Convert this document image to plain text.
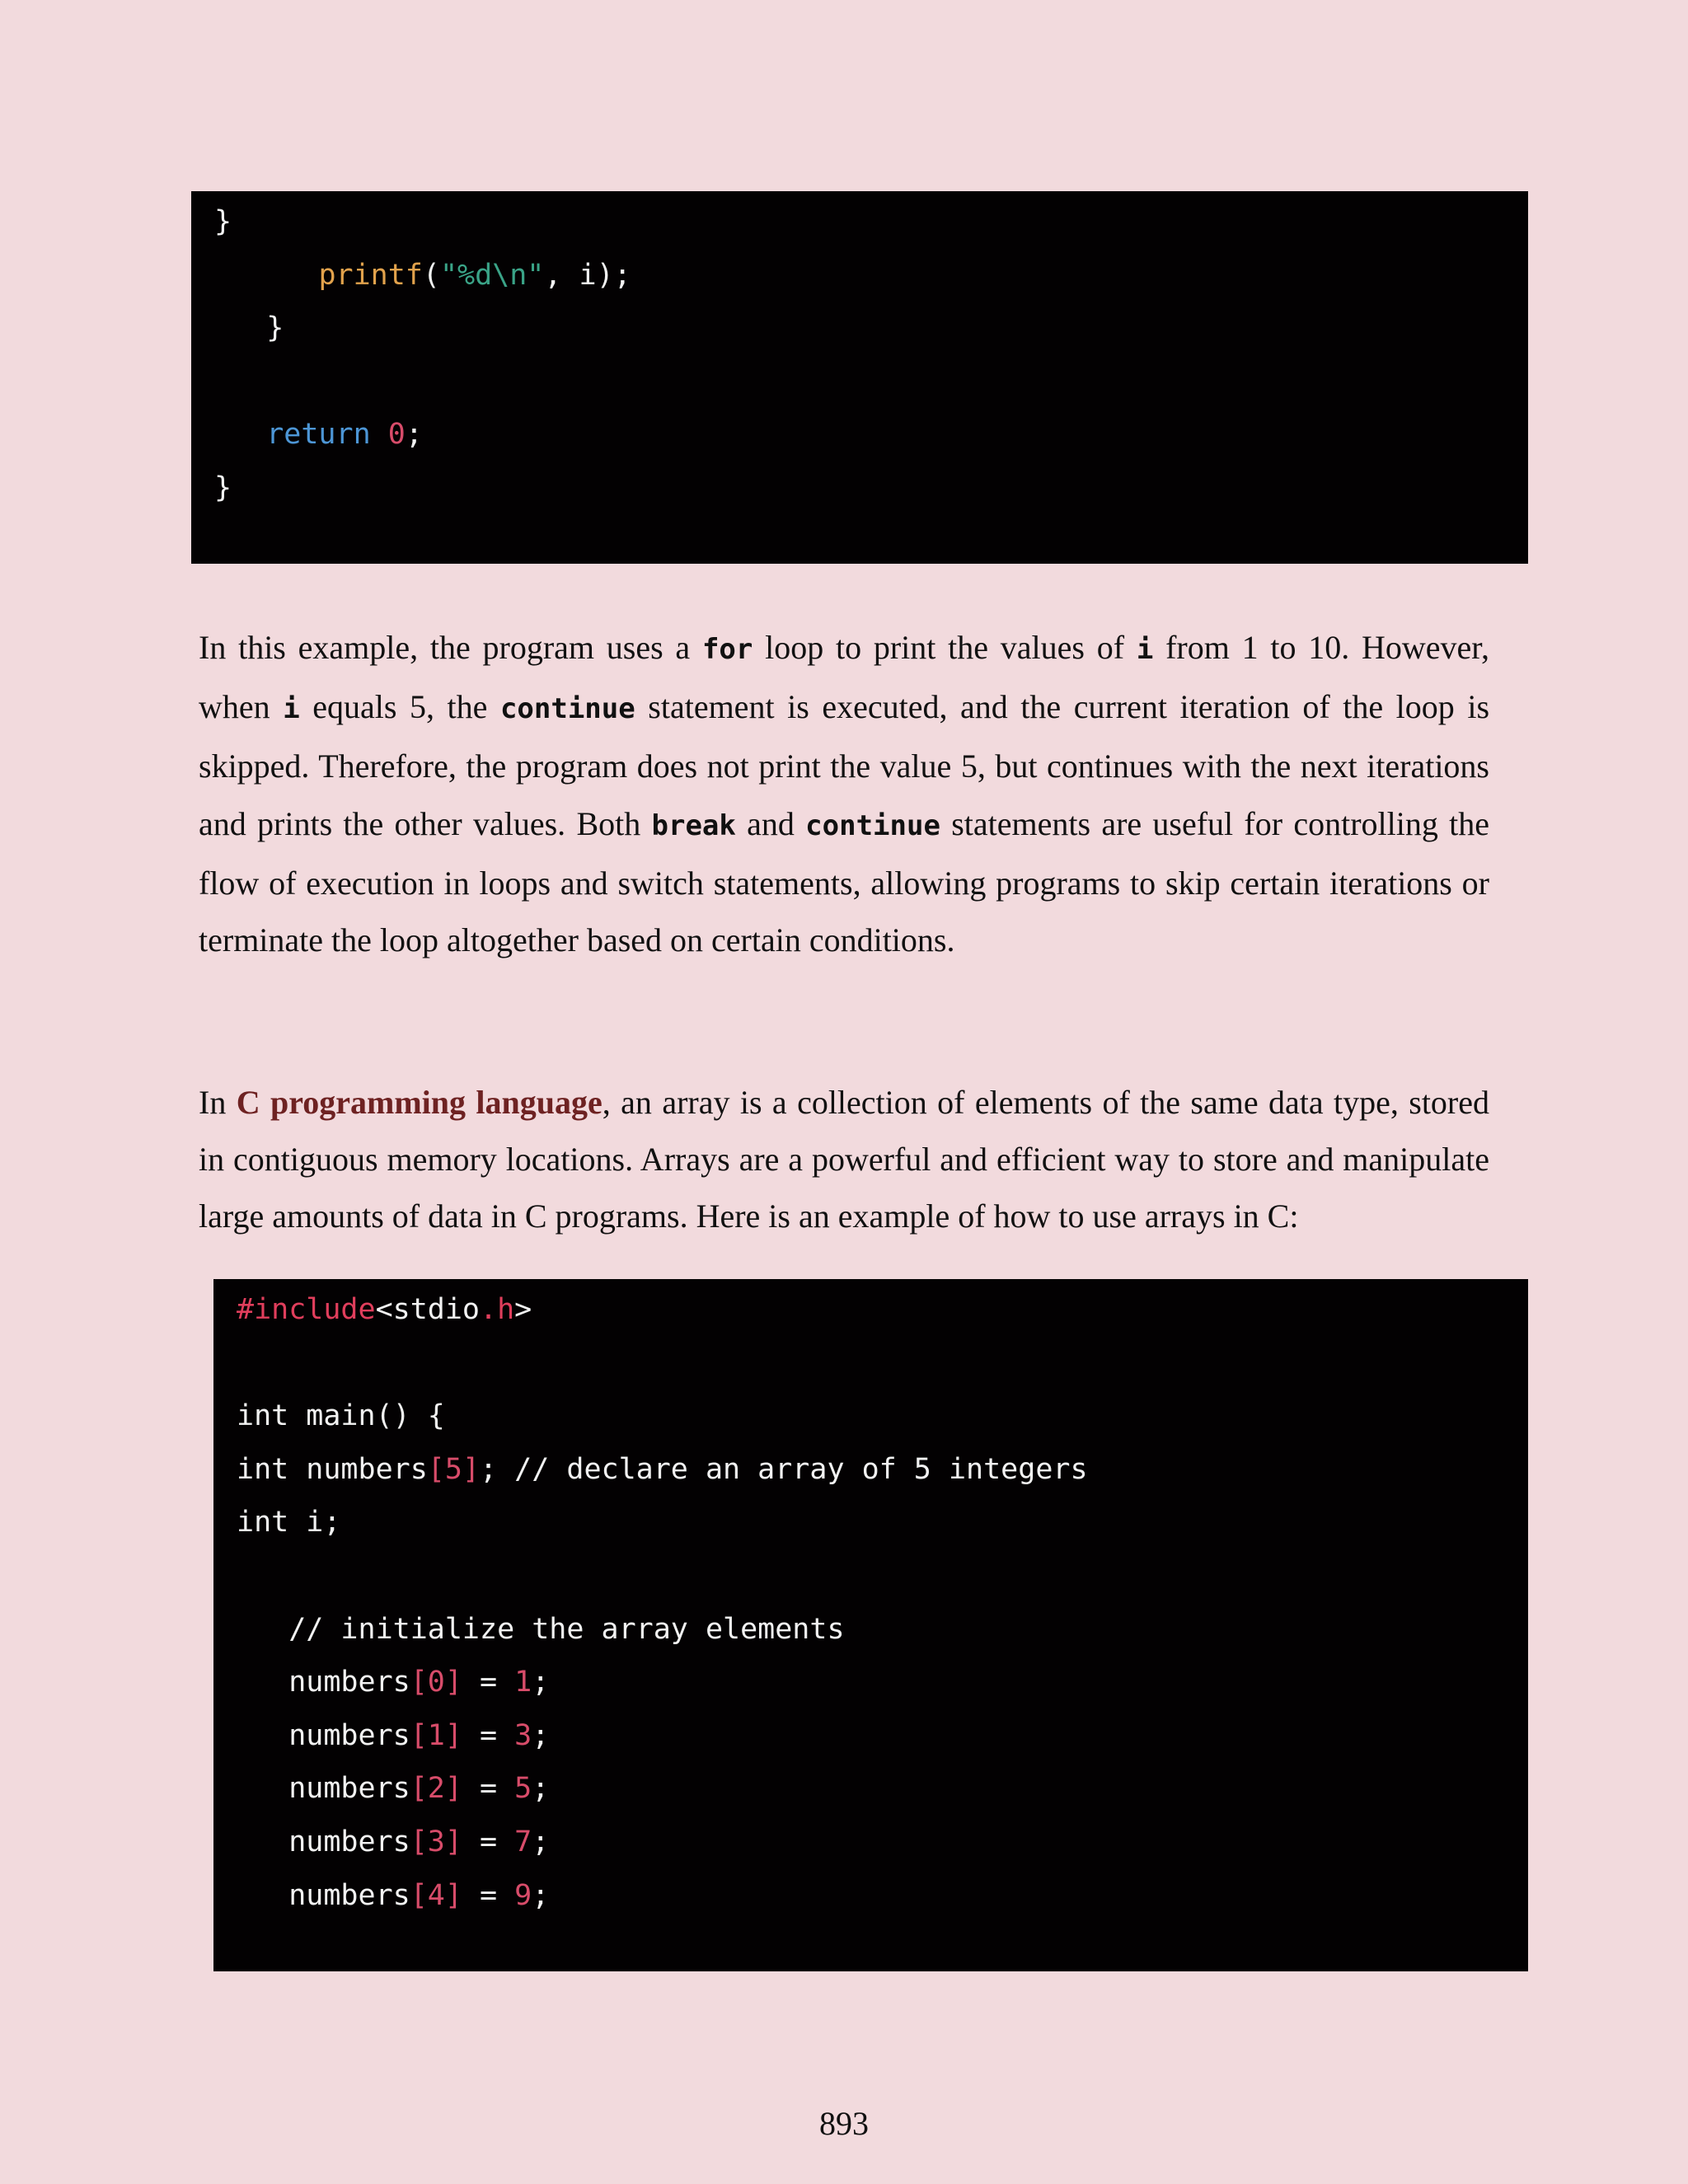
}
printf("%d\n", i);
}
return 0;
}

In this example, the program uses a for loop to print the values of i from 1 to 10. However, when i equals 5, the continue statement is executed, and the current iteration of the loop is skipped. Therefore, the program does not print the value 5, but continues with the next iterations and prints the other values. Both break and continue statements are useful for controlling the flow of execution in loops and switch statements, allowing programs to skip certain iterations or terminate the loop altogether based on certain conditions.

In C programming language, an array is a collection of elements of the same data type, stored in contiguous memory locations. Arrays are a powerful and efficient way to store and manipulate large amounts of data in C programs. Here is an example of how to use arrays in C:

#include<stdio.h>
int main() {
int numbers[5]; // declare an array of 5 integers
int i;
// initialize the array elements
numbers[0] = 1;
numbers[1] = 3;
numbers[2] = 5;
numbers[3] = 7;
numbers[4] = 9;
893
